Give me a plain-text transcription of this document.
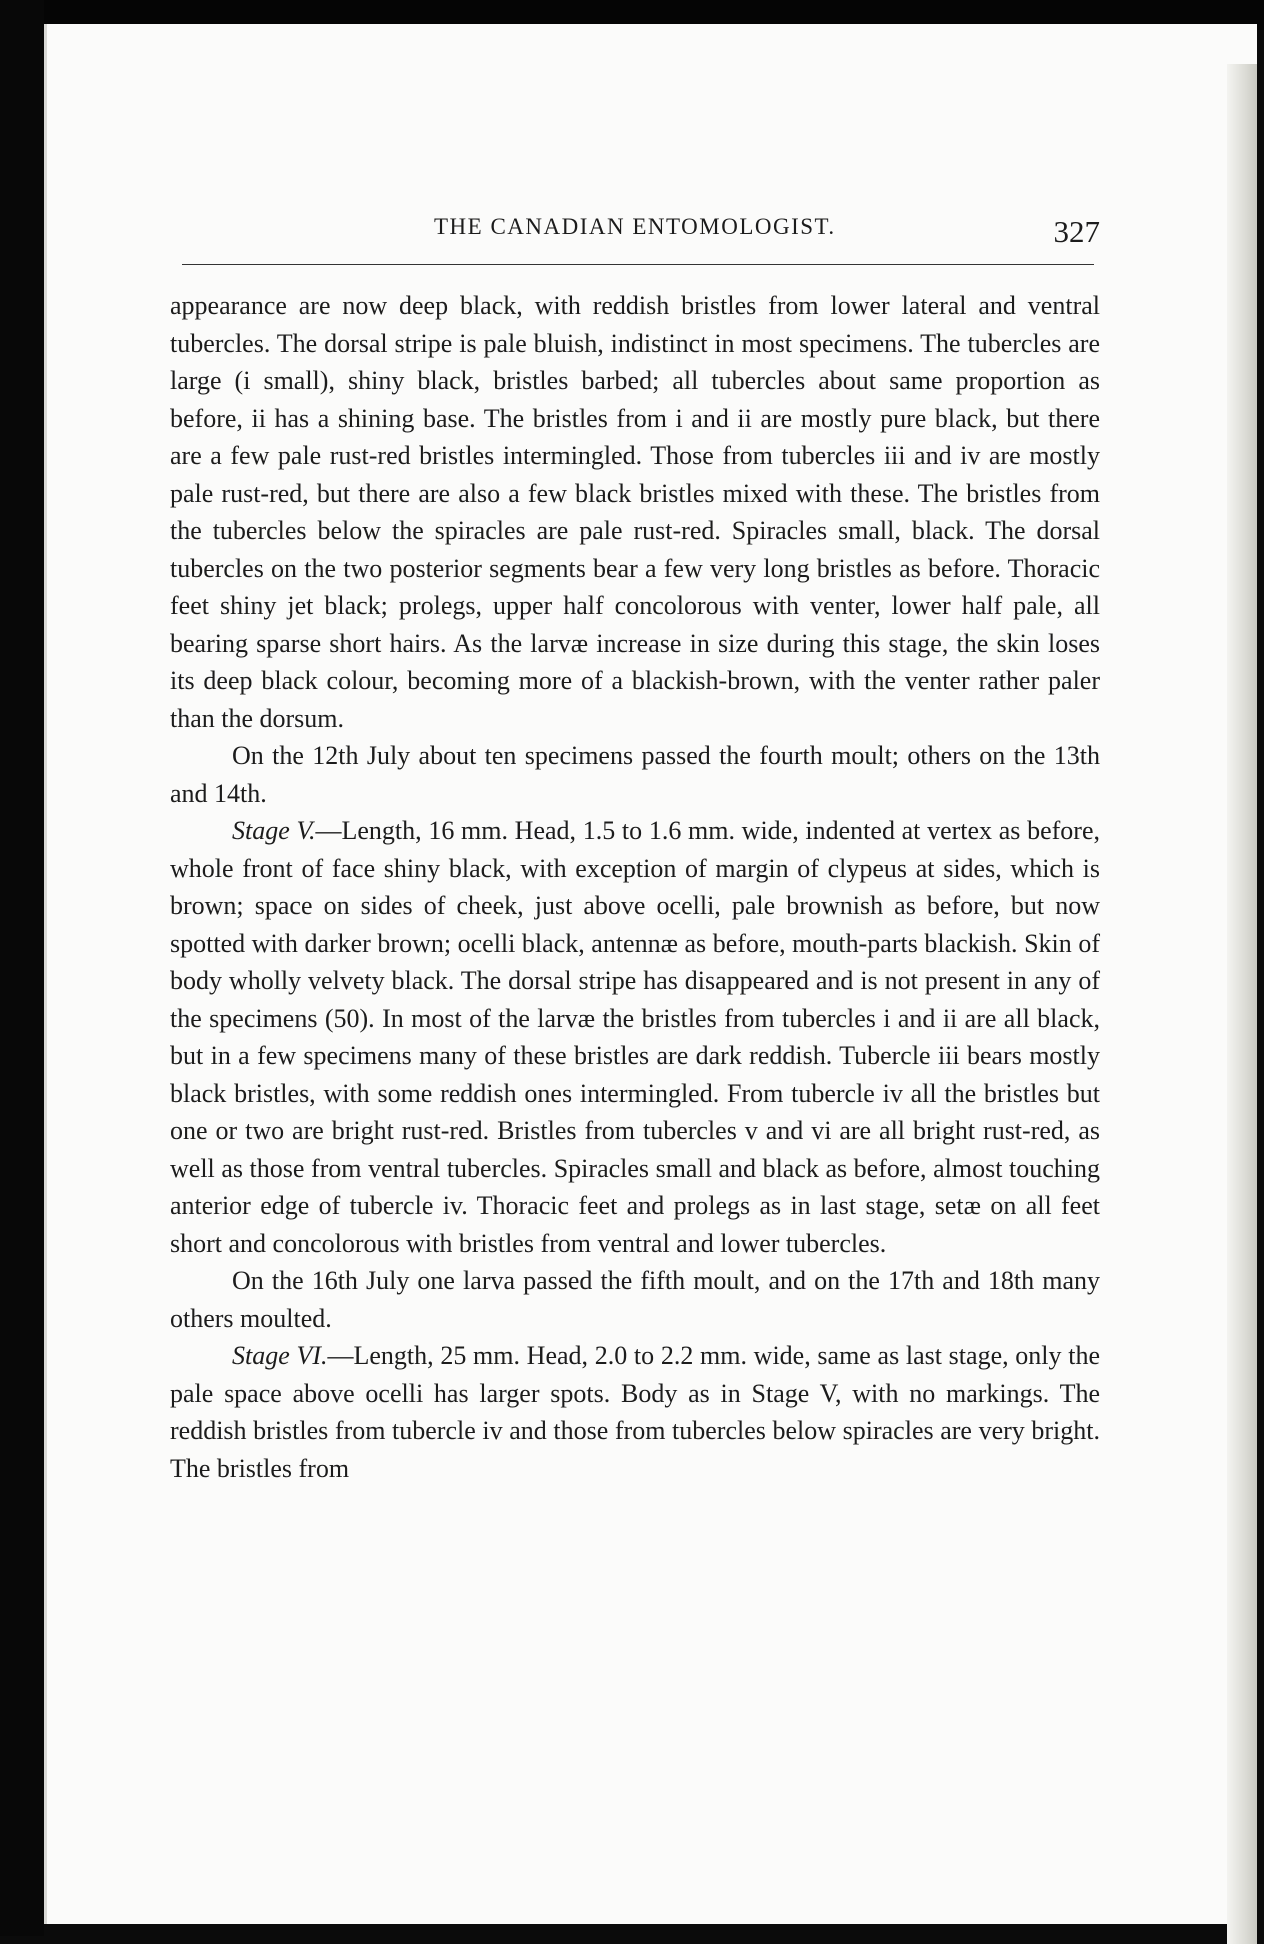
THE CANADIAN ENTOMOLOGIST.	327

appearance are now deep black, with reddish bristles from lower lateral and ventral tubercles. The dorsal stripe is pale bluish, indistinct in most specimens. The tubercles are large (i small), shiny black, bristles barbed; all tubercles about same proportion as before, ii has a shining base. The bristles from i and ii are mostly pure black, but there are a few pale rust-red bristles intermingled. Those from tubercles iii and iv are mostly pale rust-red, but there are also a few black bristles mixed with these. The bristles from the tubercles below the spiracles are pale rust-red. Spiracles small, black. The dorsal tubercles on the two posterior segments bear a few very long bristles as before. Thoracic feet shiny jet black; prolegs, upper half concolorous with venter, lower half pale, all bearing sparse short hairs. As the larvæ increase in size during this stage, the skin loses its deep black colour, becoming more of a blackish-brown, with the venter rather paler than the dorsum.

On the 12th July about ten specimens passed the fourth moult; others on the 13th and 14th.

Stage V.—Length, 16 mm. Head, 1.5 to 1.6 mm. wide, indented at vertex as before, whole front of face shiny black, with exception of margin of clypeus at sides, which is brown; space on sides of cheek, just above ocelli, pale brownish as before, but now spotted with darker brown; ocelli black, antennæ as before, mouth-parts blackish. Skin of body wholly velvety black. The dorsal stripe has disappeared and is not present in any of the specimens (50). In most of the larvæ the bristles from tubercles i and ii are all black, but in a few specimens many of these bristles are dark reddish. Tubercle iii bears mostly black bristles, with some reddish ones intermingled. From tubercle iv all the bristles but one or two are bright rust-red. Bristles from tubercles v and vi are all bright rust-red, as well as those from ventral tubercles. Spiracles small and black as before, almost touching anterior edge of tubercle iv. Thoracic feet and prolegs as in last stage, setæ on all feet short and concolorous with bristles from ventral and lower tubercles.

On the 16th July one larva passed the fifth moult, and on the 17th and 18th many others moulted.

Stage VI.—Length, 25 mm. Head, 2.0 to 2.2 mm. wide, same as last stage, only the pale space above ocelli has larger spots. Body as in Stage V, with no markings. The reddish bristles from tubercle iv and those from tubercles below spiracles are very bright. The bristles from
